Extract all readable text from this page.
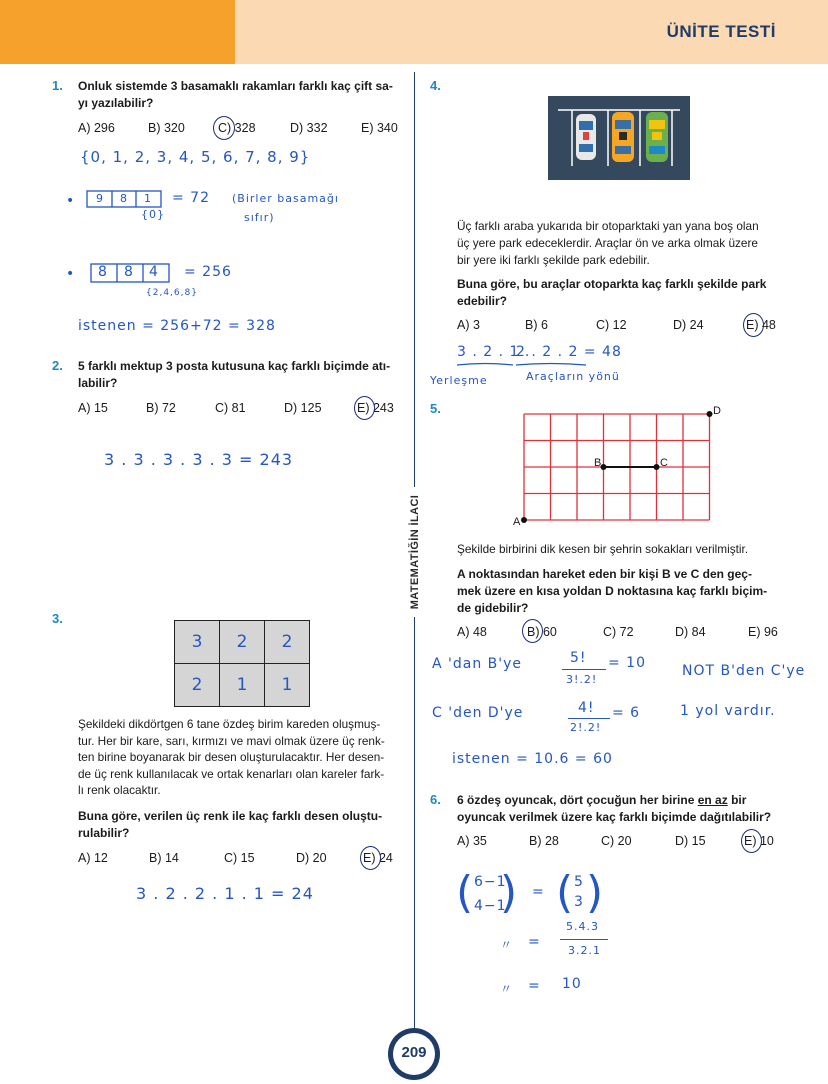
ÜNİTE TESTİ
MATEMATİĞİN İLACI
1. Onluk sistemde 3 basamaklı rakamları farklı kaç çift sa-
yı yazılabilir?
A) 296	B) 320	C) 328	D) 332	E) 340
{0, 1, 2, 3, 4, 5, 6, 7, 8, 9}
• 9 8 1
{0}
= 72 (Birler basamağı
sıfır)
• 8 8 4
{2,4,6,8}
= 256
istenen = 256+72 = 328
2. 5 farklı mektup 3 posta kutusuna kaç farklı biçimde atı-
labilir?
A) 15	B) 72	C) 81	D) 125	E) 243
3 . 3 . 3 . 3 . 3 = 243
3.
3	2	2
2	1	1
Şekildeki dikdörtgen 6 tane özdeş birim kareden oluşmuş-
tur. Her bir kare, sarı, kırmızı ve mavi olmak üzere üç renk-
ten birine boyanarak bir desen oluşturulacaktır. Her desen-
de üç renk kullanılacak ve ortak kenarları olan kareler fark-
lı renk olacaktır.
Buna göre, verilen üç renk ile kaç farklı desen oluştu-
rulabilir?
A) 12	B) 14	C) 15	D) 20	E) 24
3 . 2 . 2 . 1 . 1 = 24
4.
Üç farklı araba yukarıda bir otoparktaki yan yana boş olan
üç yere park edeceklerdir. Araçlar ön ve arka olmak üzere
bir yere iki farklı şekilde park edebilir.
Buna göre, bu araçlar otoparkta kaç farklı şekilde park
edebilir?
A) 3	B) 6	C) 12	D) 24	E) 48
3 . 2 . 1 .
2 . 2 . 2 = 48
Yerleşme	Araçların yönü
5.
A
B	C
D
Şekilde birbirini dik kesen bir şehrin sokakları verilmiştir.
A noktasından hareket eden bir kişi B ve C den geç-
mek üzere en kısa yoldan D noktasına kaç farklı biçim-
de gidebilir?
A) 48	B) 60	C) 72	D) 84	E) 96
A 'dan B'ye	5!
3!.2!
= 10
C 'den D'ye	4!
2!.2!
= 6
istenen = 10.6 = 60
NOT B'den C'ye
1 yol vardır.
6. 6 özdeş oyuncak, dört çocuğun her birine en az bir
oyuncak verilmek üzere kaç farklı biçimde dağıtılabilir?
A) 35	B) 28	C) 20	D) 15	E) 10
( 6−1
4−1
) = ( 5
3 )
〃 =
5.4.3
3.2.1
〃 = 10
209
